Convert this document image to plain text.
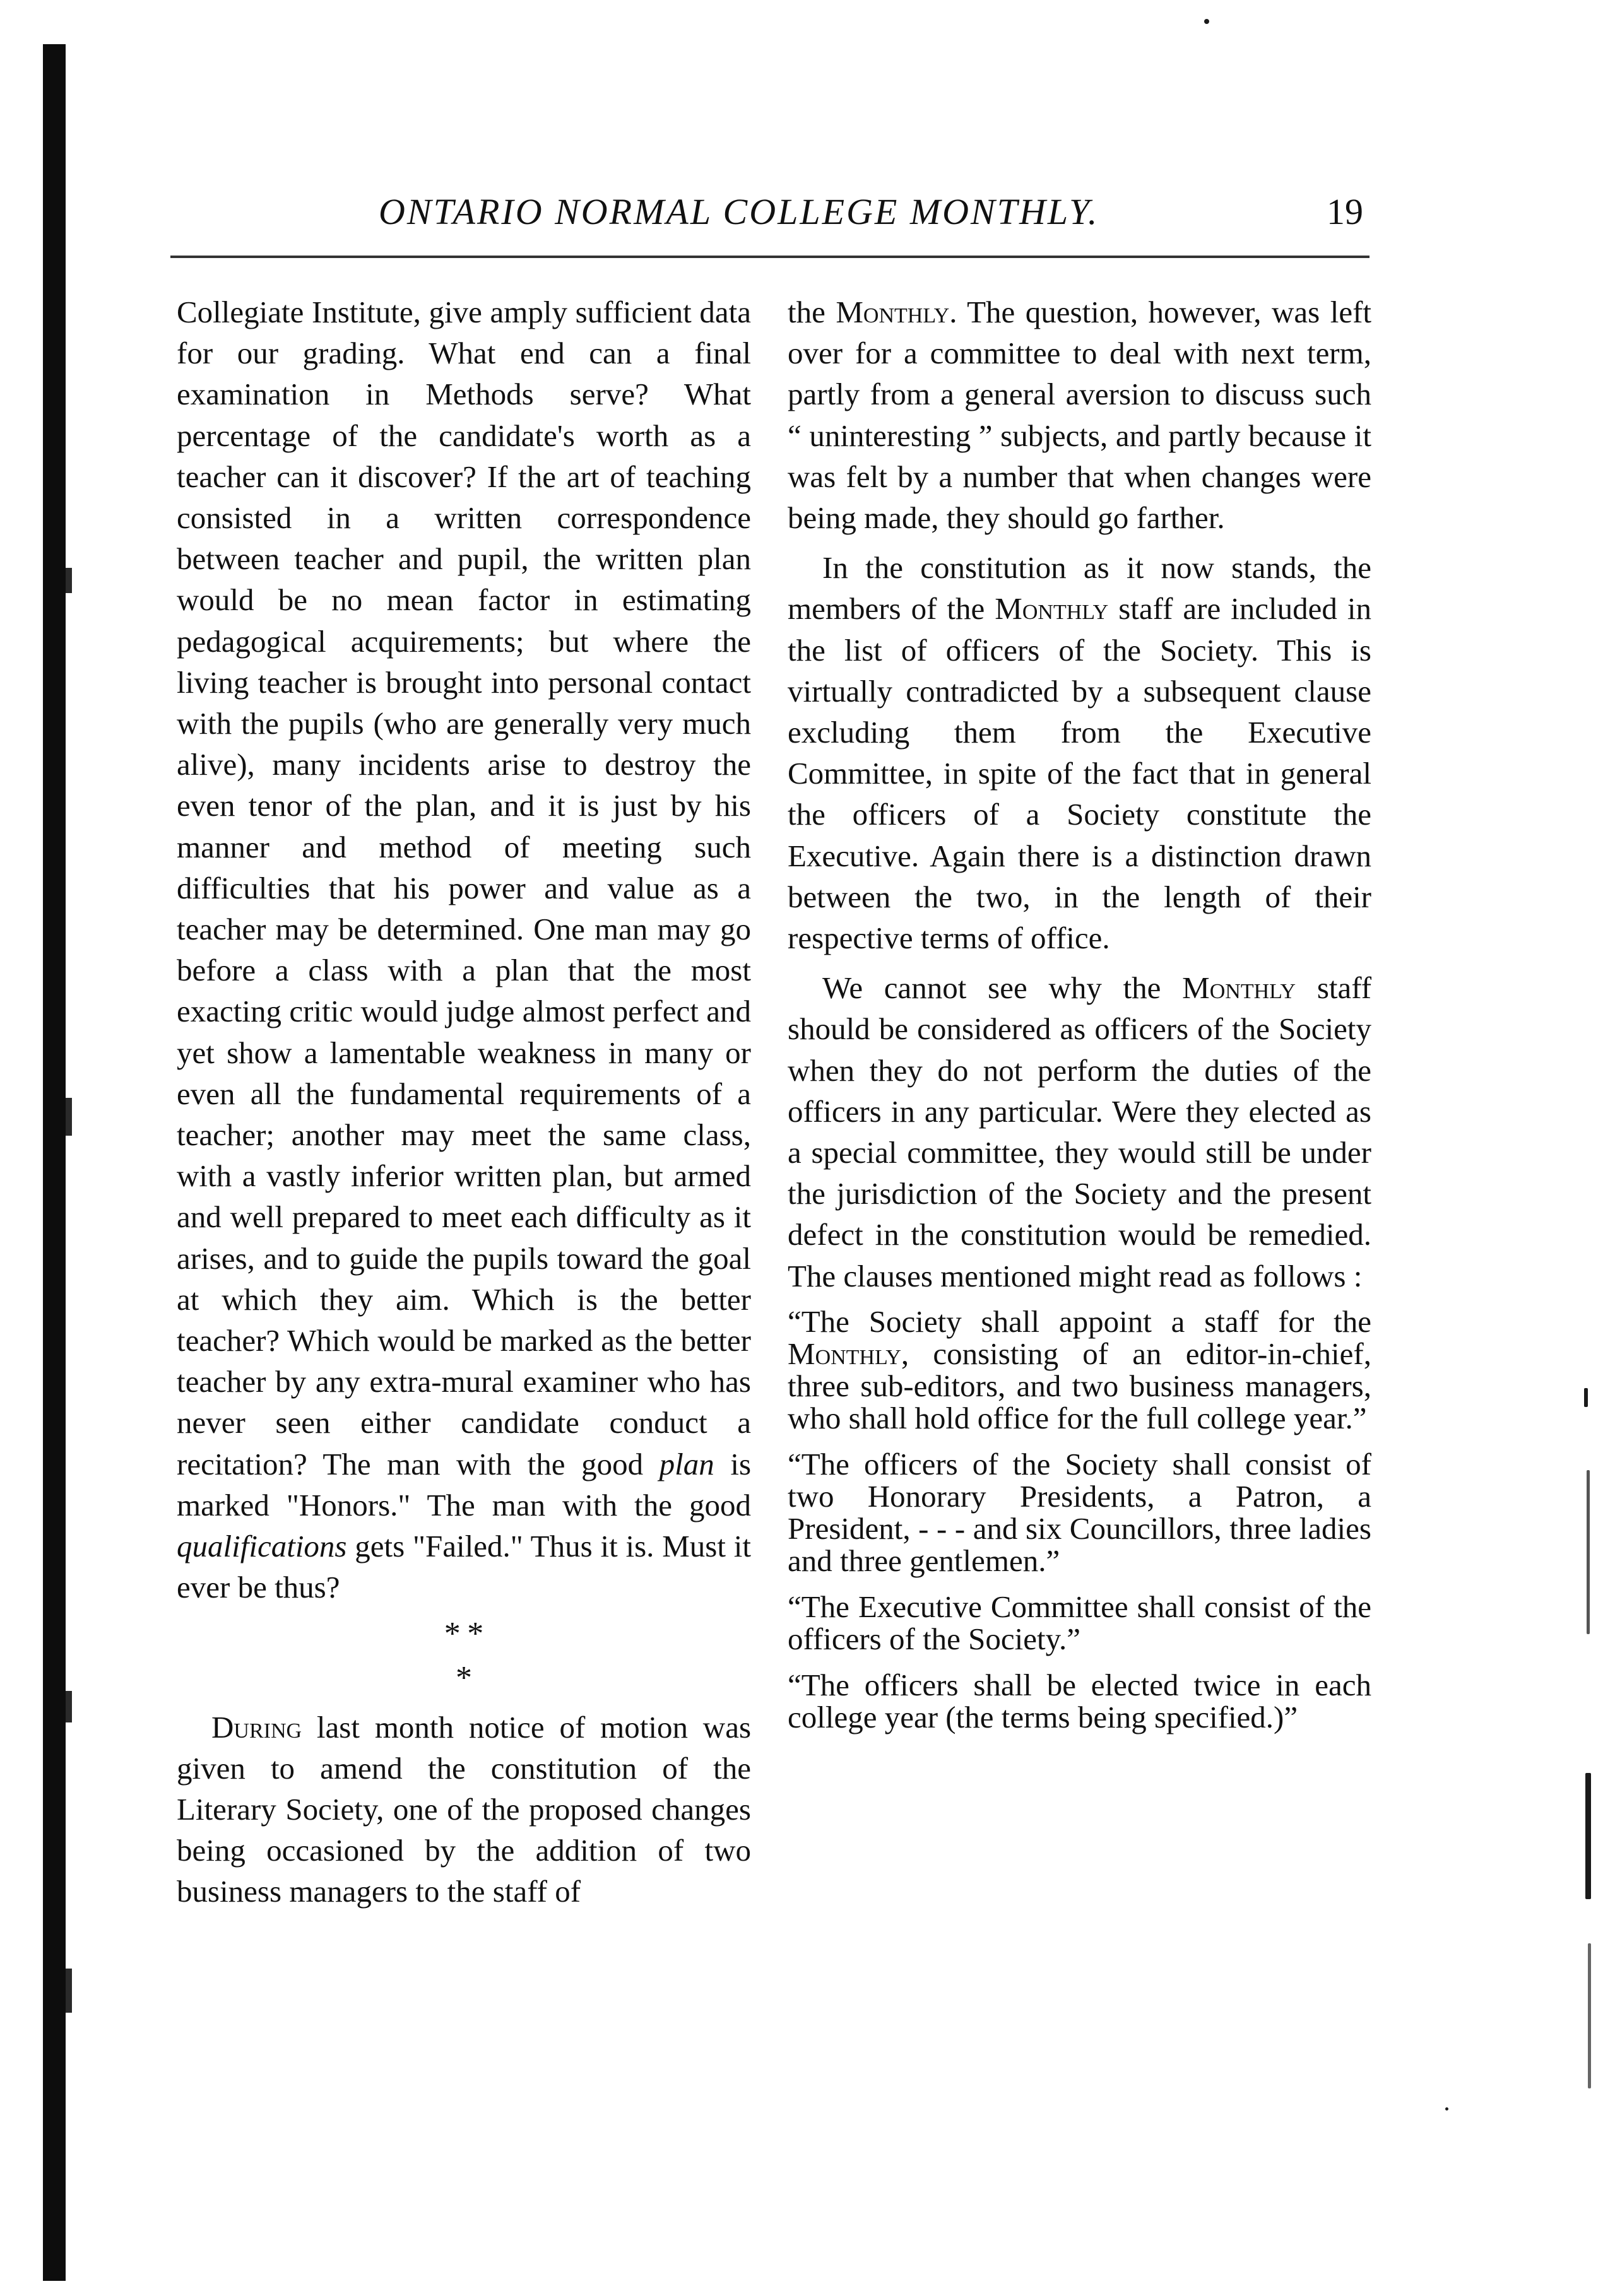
ONTARIO NORMAL COLLEGE MONTHLY.	19

Collegiate Institute, give amply sufficient data for our grading. What end can a final examination in Methods serve? What percentage of the candidate's worth as a teacher can it discover? If the art of teaching consisted in a written correspondence between teacher and pupil, the written plan would be no mean factor in estimating pedagogical acquirements; but where the living teacher is brought into personal contact with the pupils (who are generally very much alive), many incidents arise to destroy the even tenor of the plan, and it is just by his manner and method of meeting such difficulties that his power and value as a teacher may be determined. One man may go before a class with a plan that the most exacting critic would judge almost perfect and yet show a lamentable weakness in many or even all the fundamental requirements of a teacher; another may meet the same class, with a vastly inferior written plan, but armed and well prepared to meet each difficulty as it arises, and to guide the pupils toward the goal at which they aim. Which is the better teacher? Which would be marked as the better teacher by any extra-mural examiner who has never seen either candidate conduct a recitation? The man with the good plan is marked "Honors." The man with the good qualifications gets "Failed." Thus it is. Must it ever be thus?

* *
*

During last month notice of motion was given to amend the constitution of the Literary Society, one of the proposed changes being occasioned by the addition of two business managers to the staff of

the Monthly. The question, however, was left over for a committee to deal with next term, partly from a general aversion to discuss such “ uninteresting ” subjects, and partly because it was felt by a number that when changes were being made, they should go farther.

In the constitution as it now stands, the members of the Monthly staff are included in the list of officers of the Society. This is virtually contradicted by a subsequent clause excluding them from the Executive Committee, in spite of the fact that in general the officers of a Society constitute the Executive. Again there is a distinction drawn between the two, in the length of their respective terms of office.

We cannot see why the Monthly staff should be considered as officers of the Society when they do not perform the duties of the officers in any particular. Were they elected as a special committee, they would still be under the jurisdiction of the Society and the present defect in the constitution would be remedied. The clauses mentioned might read as follows :

“The Society shall appoint a staff for the Monthly, consisting of an editor-in-chief, three sub-editors, and two business managers, who shall hold office for the full college year.”

“The officers of the Society shall consist of two Honorary Presidents, a Patron, a President, - - - and six Councillors, three ladies and three gentlemen.”

“The Executive Committee shall consist of the officers of the Society.”

“The officers shall be elected twice in each college year (the terms being specified.)”
